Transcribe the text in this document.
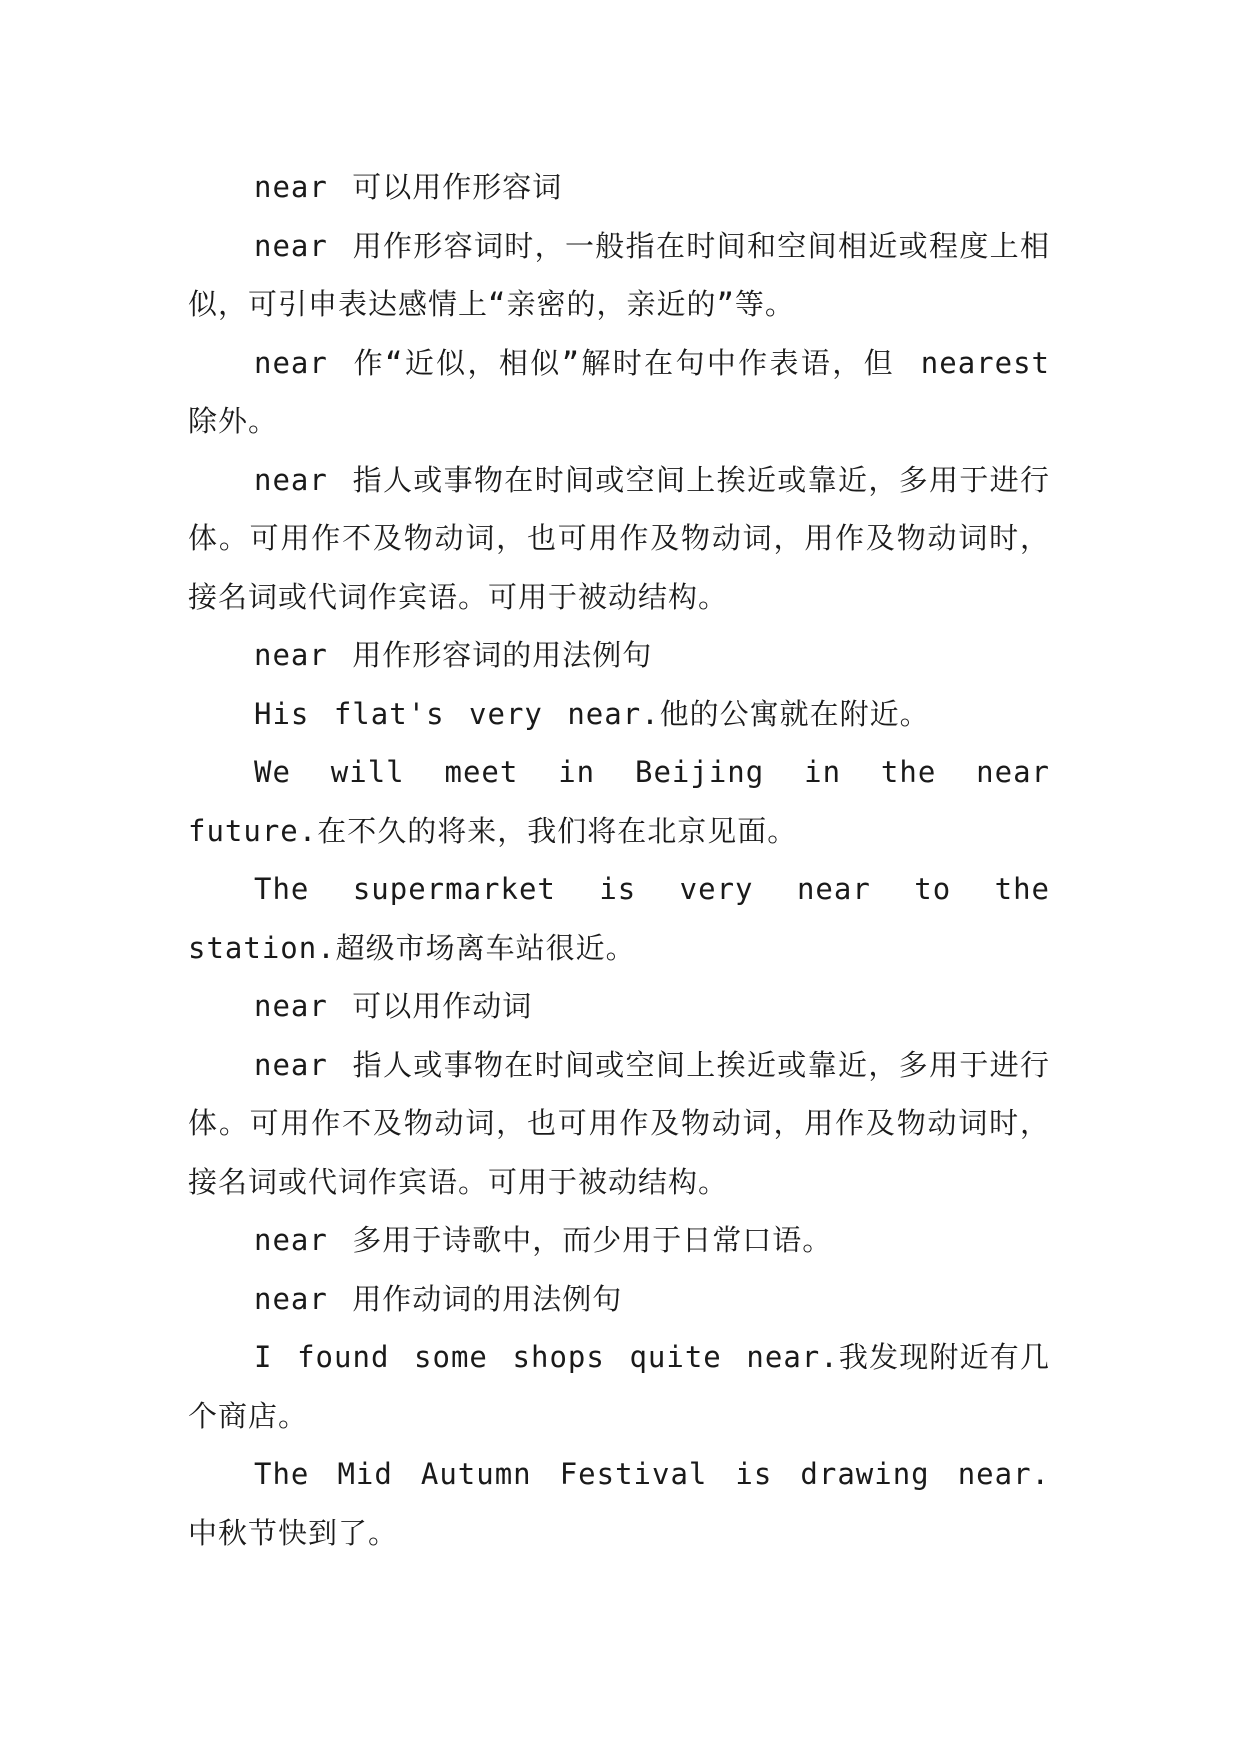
near 可以用作形容词

near 用作形容词时，一般指在时间和空间相近或程度上相似，可引申表达感情上“亲密的，亲近的”等。

near 作“近似，相似”解时在句中作表语，但 nearest 除外。

near 指人或事物在时间或空间上挨近或靠近，多用于进行体。可用作不及物动词，也可用作及物动词，用作及物动词时，接名词或代词作宾语。可用于被动结构。

near 用作形容词的用法例句

His flat's very near.他的公寓就在附近。

We will meet in Beijing in the near future.在不久的将来，我们将在北京见面。

The supermarket is very near to the station.超级市场离车站很近。

near 可以用作动词

near 指人或事物在时间或空间上挨近或靠近，多用于进行体。可用作不及物动词，也可用作及物动词，用作及物动词时，接名词或代词作宾语。可用于被动结构。

near 多用于诗歌中，而少用于日常口语。

near 用作动词的用法例句

I found some shops quite near.我发现附近有几个商店。

The Mid Autumn Festival is drawing near.中秋节快到了。
